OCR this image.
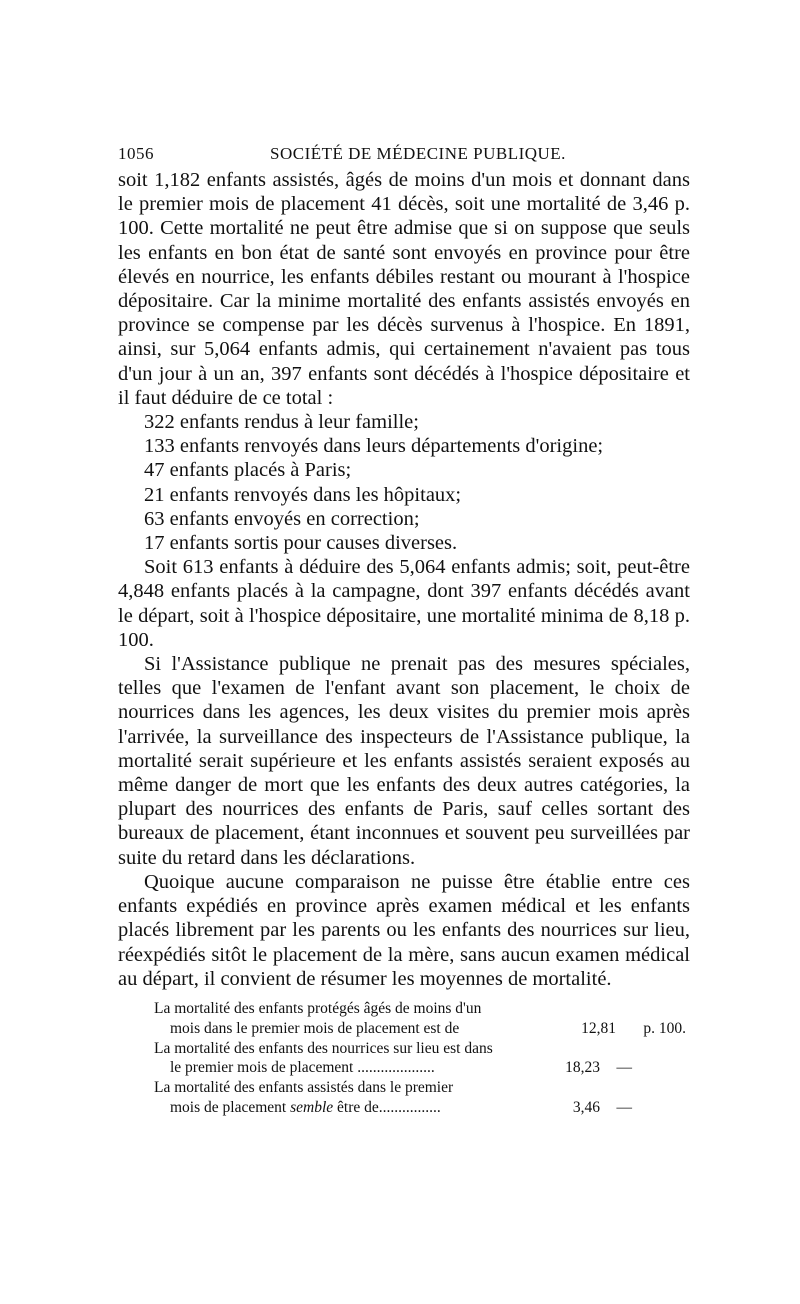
1056	SOCIÉTÉ DE MÉDECINE PUBLIQUE.

soit 1,182 enfants assistés, âgés de moins d'un mois et donnant dans le premier mois de placement 41 décès, soit une mortalité de 3,46 p. 100. Cette mortalité ne peut être admise que si on suppose que seuls les enfants en bon état de santé sont envoyés en province pour être élevés en nourrice, les enfants débiles restant ou mourant à l'hospice dépositaire. Car la minime mortalité des enfants assistés envoyés en province se compense par les décès survenus à l'hospice. En 1891, ainsi, sur 5,064 enfants admis, qui certainement n'avaient pas tous d'un jour à un an, 397 enfants sont décédés à l'hospice dépositaire et il faut déduire de ce total :

322 enfants rendus à leur famille;
133 enfants renvoyés dans leurs départements d'origine;
47 enfants placés à Paris;
21 enfants renvoyés dans les hôpitaux;
63 enfants envoyés en correction;
17 enfants sortis pour causes diverses.

Soit 613 enfants à déduire des 5,064 enfants admis; soit, peut-être 4,848 enfants placés à la campagne, dont 397 enfants décédés avant le départ, soit à l'hospice dépositaire, une mortalité minima de 8,18 p. 100.

Si l'Assistance publique ne prenait pas des mesures spéciales, telles que l'examen de l'enfant avant son placement, le choix de nourrices dans les agences, les deux visites du premier mois après l'arrivée, la surveillance des inspecteurs de l'Assistance publique, la mortalité serait supérieure et les enfants assistés seraient exposés au même danger de mort que les enfants des deux autres catégories, la plupart des nourrices des enfants de Paris, sauf celles sortant des bureaux de placement, étant inconnues et souvent peu surveillées par suite du retard dans les déclarations.

Quoique aucune comparaison ne puisse être établie entre ces enfants expédiés en province après examen médical et les enfants placés librement par les parents ou les enfants des nourrices sur lieu, réexpédiés sitôt le placement de la mère, sans aucun examen médical au départ, il convient de résumer les moyennes de mortalité.

La mortalité des enfants protégés âgés de moins d'un
mois dans le premier mois de placement est de	12,81 p. 100.
La mortalité des enfants des nourrices sur lieu est dans
le premier mois de placement ....................	18,23 —
La mortalité des enfants assistés dans le premier
mois de placement semble être de................	3,46 —
